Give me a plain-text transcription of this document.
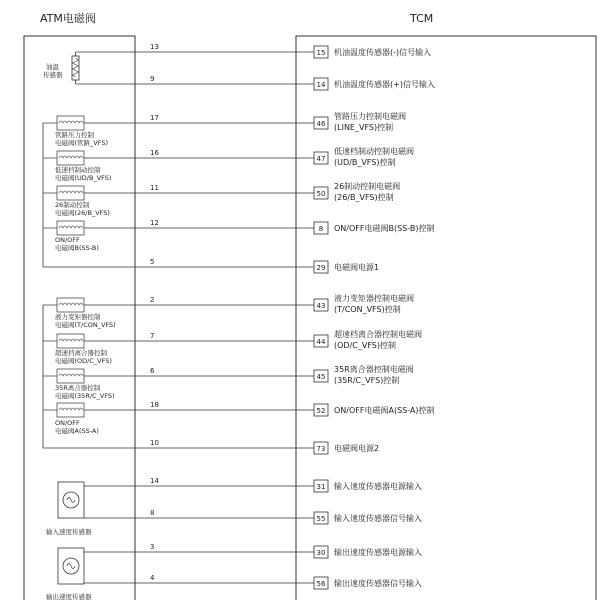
ATM电磁阀	TCM
油温
传感器
管路压力控制
电磁阀(管路_VFS)
低速档制动控制
电磁阀(UD/B_VFS)
26制动控制
电磁阀(26/B_VFS)
ON/OFF
电磁阀B(SS-B)
液力变矩器控制
电磁阀(T/CON_VFS)
超速档离合器控制
电磁阀(OD/C_VFS)
35R离合器控制
电磁阀(35R/C_VFS)
ON/OFF
电磁阀A(SS-A)
输入速度传感器
输出速度传感器
13
15 机油温度传感器(-)信号输入
9
14 机油温度传感器(+)信号输入
17
46
管路压力控制电磁阀
(LINE_VFS)控制
16
47
低速档制动控制电磁阀
(UD/B_VFS)控制
11
50
26制动控制电磁阀
(26/B_VFS)控制
12
8 ON/OFF电磁阀B(SS-B)控制
5
29 电磁阀电源1
2
43
液力变矩器控制电磁阀
(T/CON_VFS)控制
7
44
超速档离合器控制电磁阀
(OD/C_VFS)控制
6
45
35R离合器控制电磁阀
(35R/C_VFS)控制
18
52 ON/OFF电磁阀A(SS-A)控制
10
73 电磁阀电源2
14
31 输入速度传感器电源输入
8
55 输入速度传感器信号输入
3
30 输出速度传感器电源输入
4
56 输出速度传感器信号输入
